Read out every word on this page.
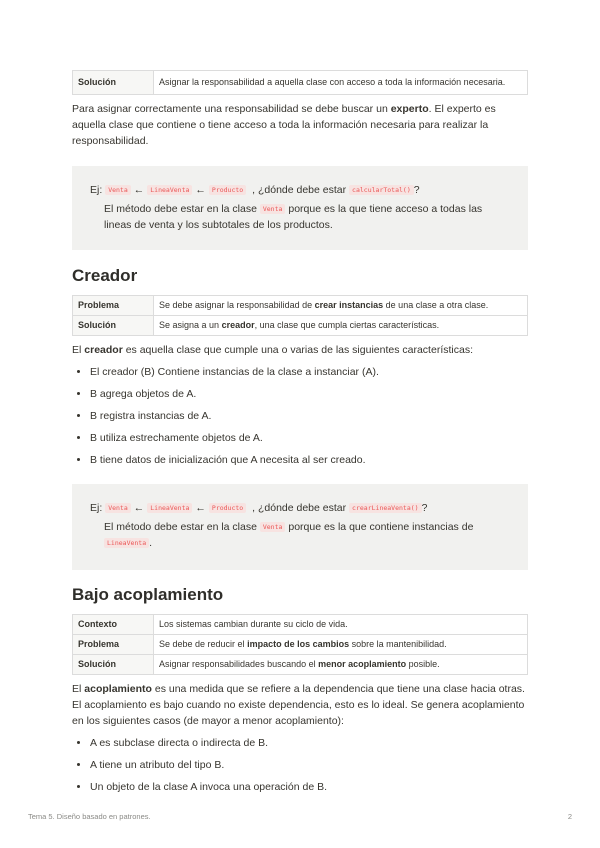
Solución	Asignar la responsabilidad a aquella clase con acceso a toda la información necesaria.

Para asignar correctamente una responsabilidad se debe buscar un experto. El experto es aquella clase que contiene o tiene acceso a toda la información necesaria para realizar la responsabilidad.

Ej: Venta ← LineaVenta ← Producto , ¿dónde debe estar calcularTotal() ?
El método debe estar en la clase Venta porque es la que tiene acceso a todas las lineas de venta y los subtotales de los productos.
Creador
Problema	Se debe asignar la responsabilidad de crear instancias de una clase a otra clase.
Solución	Se asigna a un creador, una clase que cumpla ciertas características.

El creador es aquella clase que cumple una o varias de las siguientes características:

• El creador (B) Contiene instancias de la clase a instanciar (A).
• B agrega objetos de A.
• B registra instancias de A.
• B utiliza estrechamente objetos de A.
• B tiene datos de inicialización que A necesita al ser creado.
Ej: Venta ← LineaVenta ← Producto , ¿dónde debe estar crearLineaVenta() ?
El método debe estar en la clase Venta porque es la que contiene instancias de
LineaVenta .
Bajo acoplamiento
Contexto	Los sistemas cambian durante su ciclo de vida.
Problema	Se debe de reducir el impacto de los cambios sobre la mantenibilidad.
Solución	Asignar responsabilidades buscando el menor acoplamiento posible.

El acoplamiento es una medida que se refiere a la dependencia que tiene una clase hacia otras. El acoplamiento es bajo cuando no existe dependencia, esto es lo ideal. Se genera acoplamiento en los siguientes casos (de mayor a menor acoplamiento):

• A es subclase directa o indirecta de B.
• A tiene un atributo del tipo B.
• Un objeto de la clase A invoca una operación de B.
Tema 5. Diseño basado en patrones.	2
